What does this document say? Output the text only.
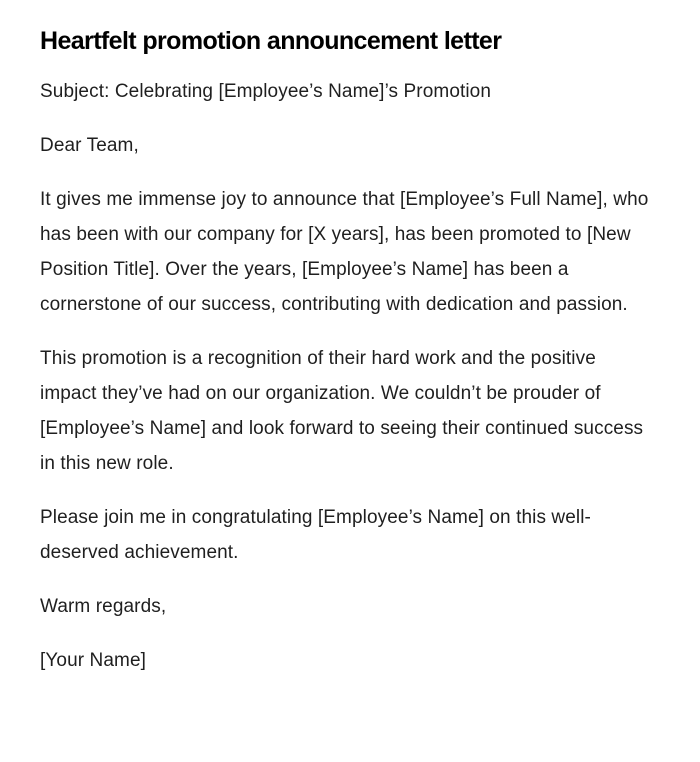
Heartfelt promotion announcement letter

Subject: Celebrating [Employee’s Name]’s Promotion

Dear Team,

It gives me immense joy to announce that [Employee’s Full Name], who has been with our company for [X years], has been promoted to [New Position Title]. Over the years, [Employee’s Name] has been a cornerstone of our success, contributing with dedication and passion.

This promotion is a recognition of their hard work and the positive impact they’ve had on our organization. We couldn’t be prouder of [Employee’s Name] and look forward to seeing their continued success in this new role.

Please join me in congratulating [Employee’s Name] on this well-deserved achievement.

Warm regards,

[Your Name]
